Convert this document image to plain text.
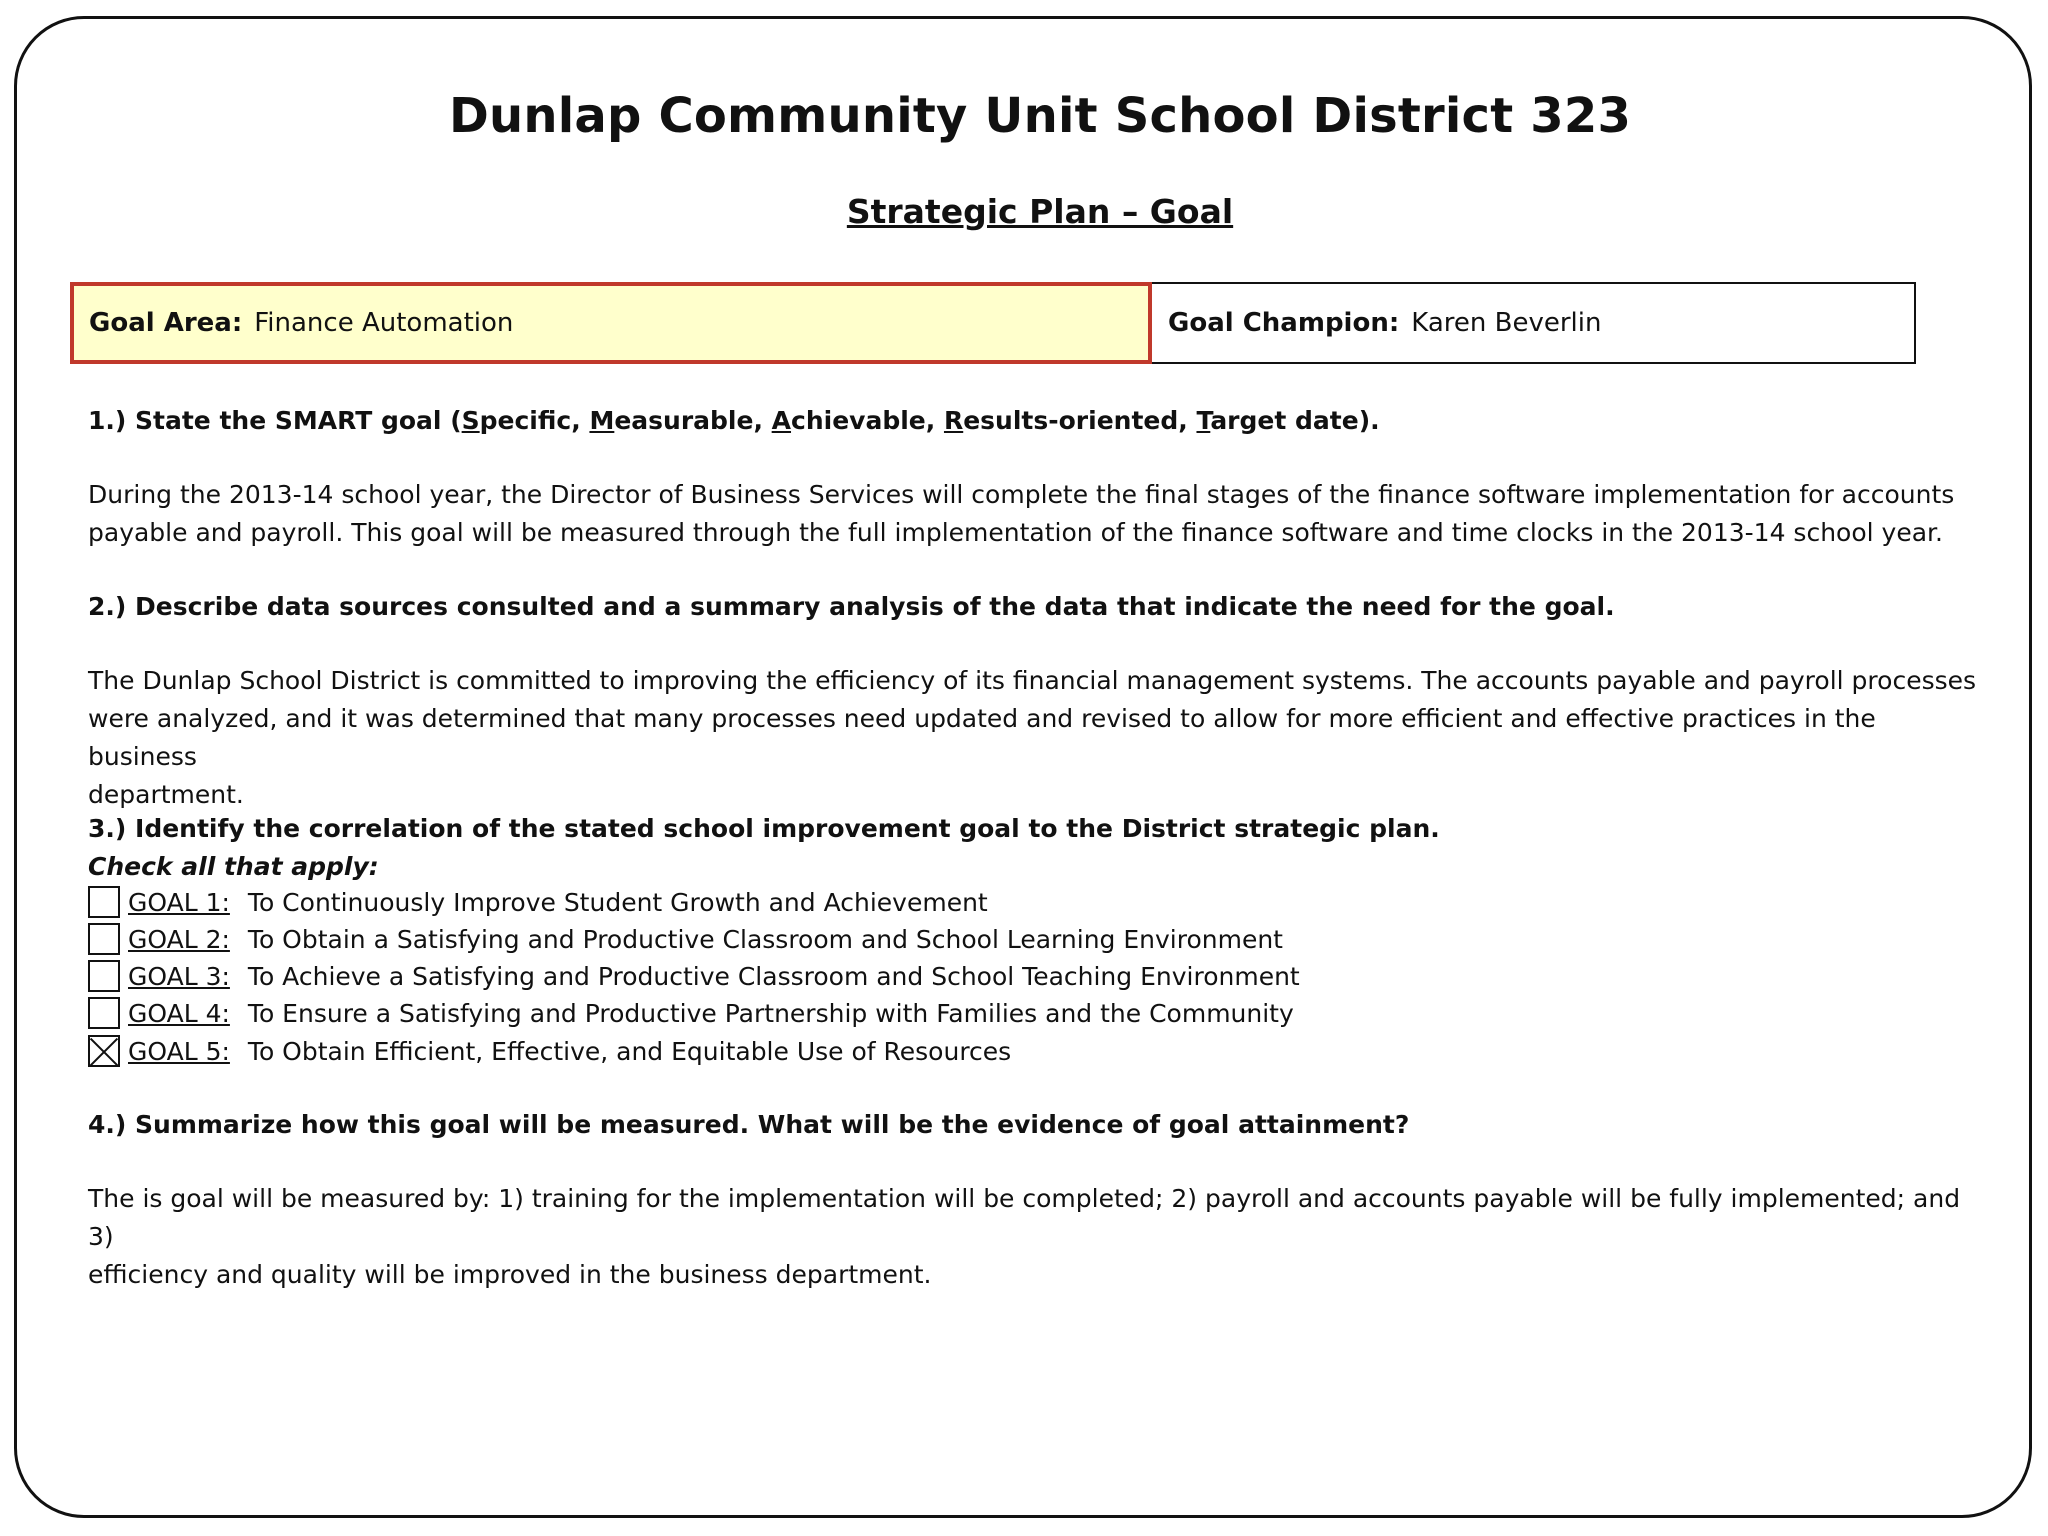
Dunlap Community Unit School District 323
Strategic Plan – Goal
Goal Area: Finance Automation	Goal Champion: Karen Beverlin

1.) State the SMART goal (Specific, Measurable, Achievable, Results-oriented, Target date).

During the 2013-14 school year, the Director of Business Services will complete the final stages of the finance software implementation for accounts

payable and payroll. This goal will be measured through the full implementation of the finance software and time clocks in the 2013-14 school year.

2.) Describe data sources consulted and a summary analysis of the data that indicate the need for the goal.

The Dunlap School District is committed to improving the efficiency of its financial management systems. The accounts payable and payroll processes

were analyzed, and it was determined that many processes need updated and revised to allow for more efficient and effective practices in the business

department.

3.) Identify the correlation of the stated school improvement goal to the District strategic plan.

Check all that apply:

GOAL 1: To Continuously Improve Student Growth and Achievement
GOAL 2: To Obtain a Satisfying and Productive Classroom and School Learning Environment
GOAL 3: To Achieve a Satisfying and Productive Classroom and School Teaching Environment
GOAL 4: To Ensure a Satisfying and Productive Partnership with Families and the Community
GOAL 5: To Obtain Efficient, Effective, and Equitable Use of Resources

4.) Summarize how this goal will be measured. What will be the evidence of goal attainment?

The is goal will be measured by: 1) training for the implementation will be completed; 2) payroll and accounts payable will be fully implemented; and 3)

efficiency and quality will be improved in the business department.
